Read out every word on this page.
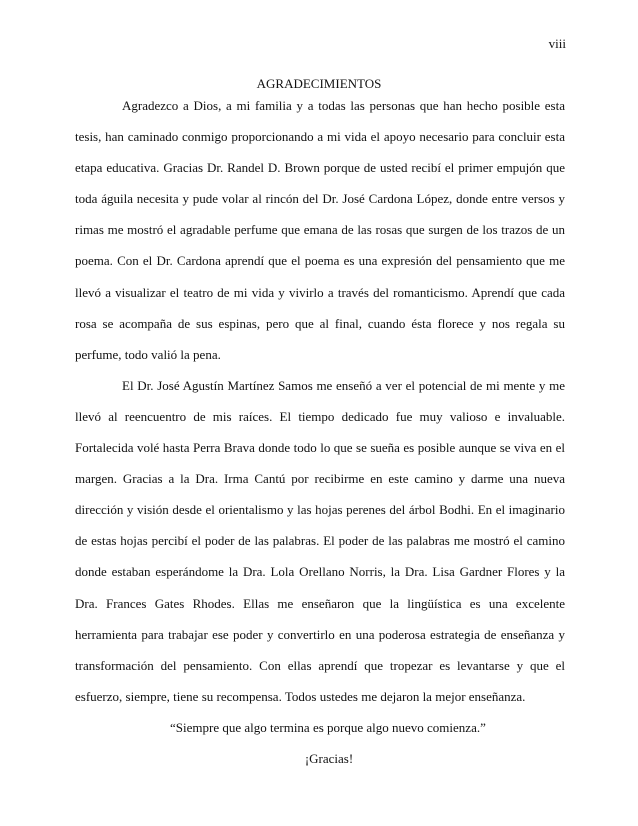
viii
AGRADECIMIENTOS

Agradezco a Dios, a mi familia y a todas las personas que han hecho posible esta tesis, han caminado conmigo proporcionando a mi vida el apoyo necesario para concluir esta etapa educativa. Gracias Dr. Randel D. Brown porque de usted recibí el primer empujón que toda águila necesita y pude volar al rincón del Dr. José Cardona López, donde entre versos y rimas me mostró el agradable perfume que emana de las rosas que surgen de los trazos de un poema. Con el Dr. Cardona aprendí que el poema es una expresión del pensamiento que me llevó a visualizar el teatro de mi vida y vivirlo a través del romanticismo. Aprendí que cada rosa se acompaña de sus espinas, pero que al final, cuando ésta florece y nos regala su perfume, todo valió la pena.

El Dr. José Agustín Martínez Samos me enseñó a ver el potencial de mi mente y me llevó al reencuentro de mis raíces. El tiempo dedicado fue muy valioso e invaluable. Fortalecida volé hasta Perra Brava donde todo lo que se sueña es posible aunque se viva en el margen. Gracias a la Dra. Irma Cantú por recibirme en este camino y darme una nueva dirección y visión desde el orientalismo y las hojas perenes del árbol Bodhi. En el imaginario de estas hojas percibí el poder de las palabras. El poder de las palabras me mostró el camino donde estaban esperándome la Dra. Lola Orellano Norris, la Dra. Lisa Gardner Flores y la Dra. Frances Gates Rhodes. Ellas me enseñaron que la lingüística es una excelente herramienta para trabajar ese poder y convertirlo en una poderosa estrategia de enseñanza y transformación del pensamiento. Con ellas aprendí que tropezar es levantarse y que el esfuerzo, siempre, tiene su recompensa. Todos ustedes me dejaron la mejor enseñanza.

“Siempre que algo termina es porque algo nuevo comienza.”

¡Gracias!
